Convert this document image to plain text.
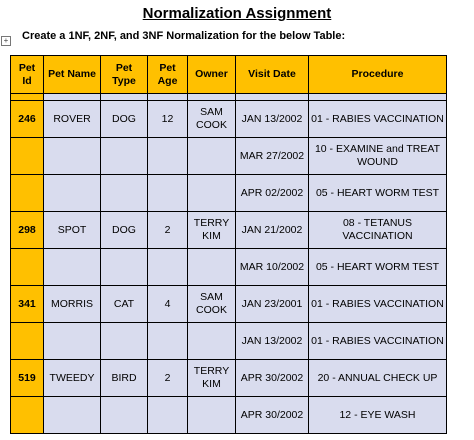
Normalization Assignment
+ Create a 1NF, 2NF, and 3NF Normalization for the below Table:
Pet Id	Pet Name	Pet Type	Pet Age	Owner	Visit Date	Procedure

246	ROVER	DOG	12	SAM COOK	JAN 13/2002	01 - RABIES VACCINATION
					MAR 27/2002	10 - EXAMINE and TREAT WOUND
					APR 02/2002	05 - HEART WORM TEST
298	SPOT	DOG	2	TERRY KIM	JAN 21/2002	08 - TETANUS VACCINATION
					MAR 10/2002	05 - HEART WORM TEST
341	MORRIS	CAT	4	SAM COOK	JAN 23/2001	01 - RABIES VACCINATION
					JAN 13/2002	01 - RABIES VACCINATION
519	TWEEDY	BIRD	2	TERRY KIM	APR 30/2002	20 - ANNUAL CHECK UP
					APR 30/2002	12 - EYE WASH
